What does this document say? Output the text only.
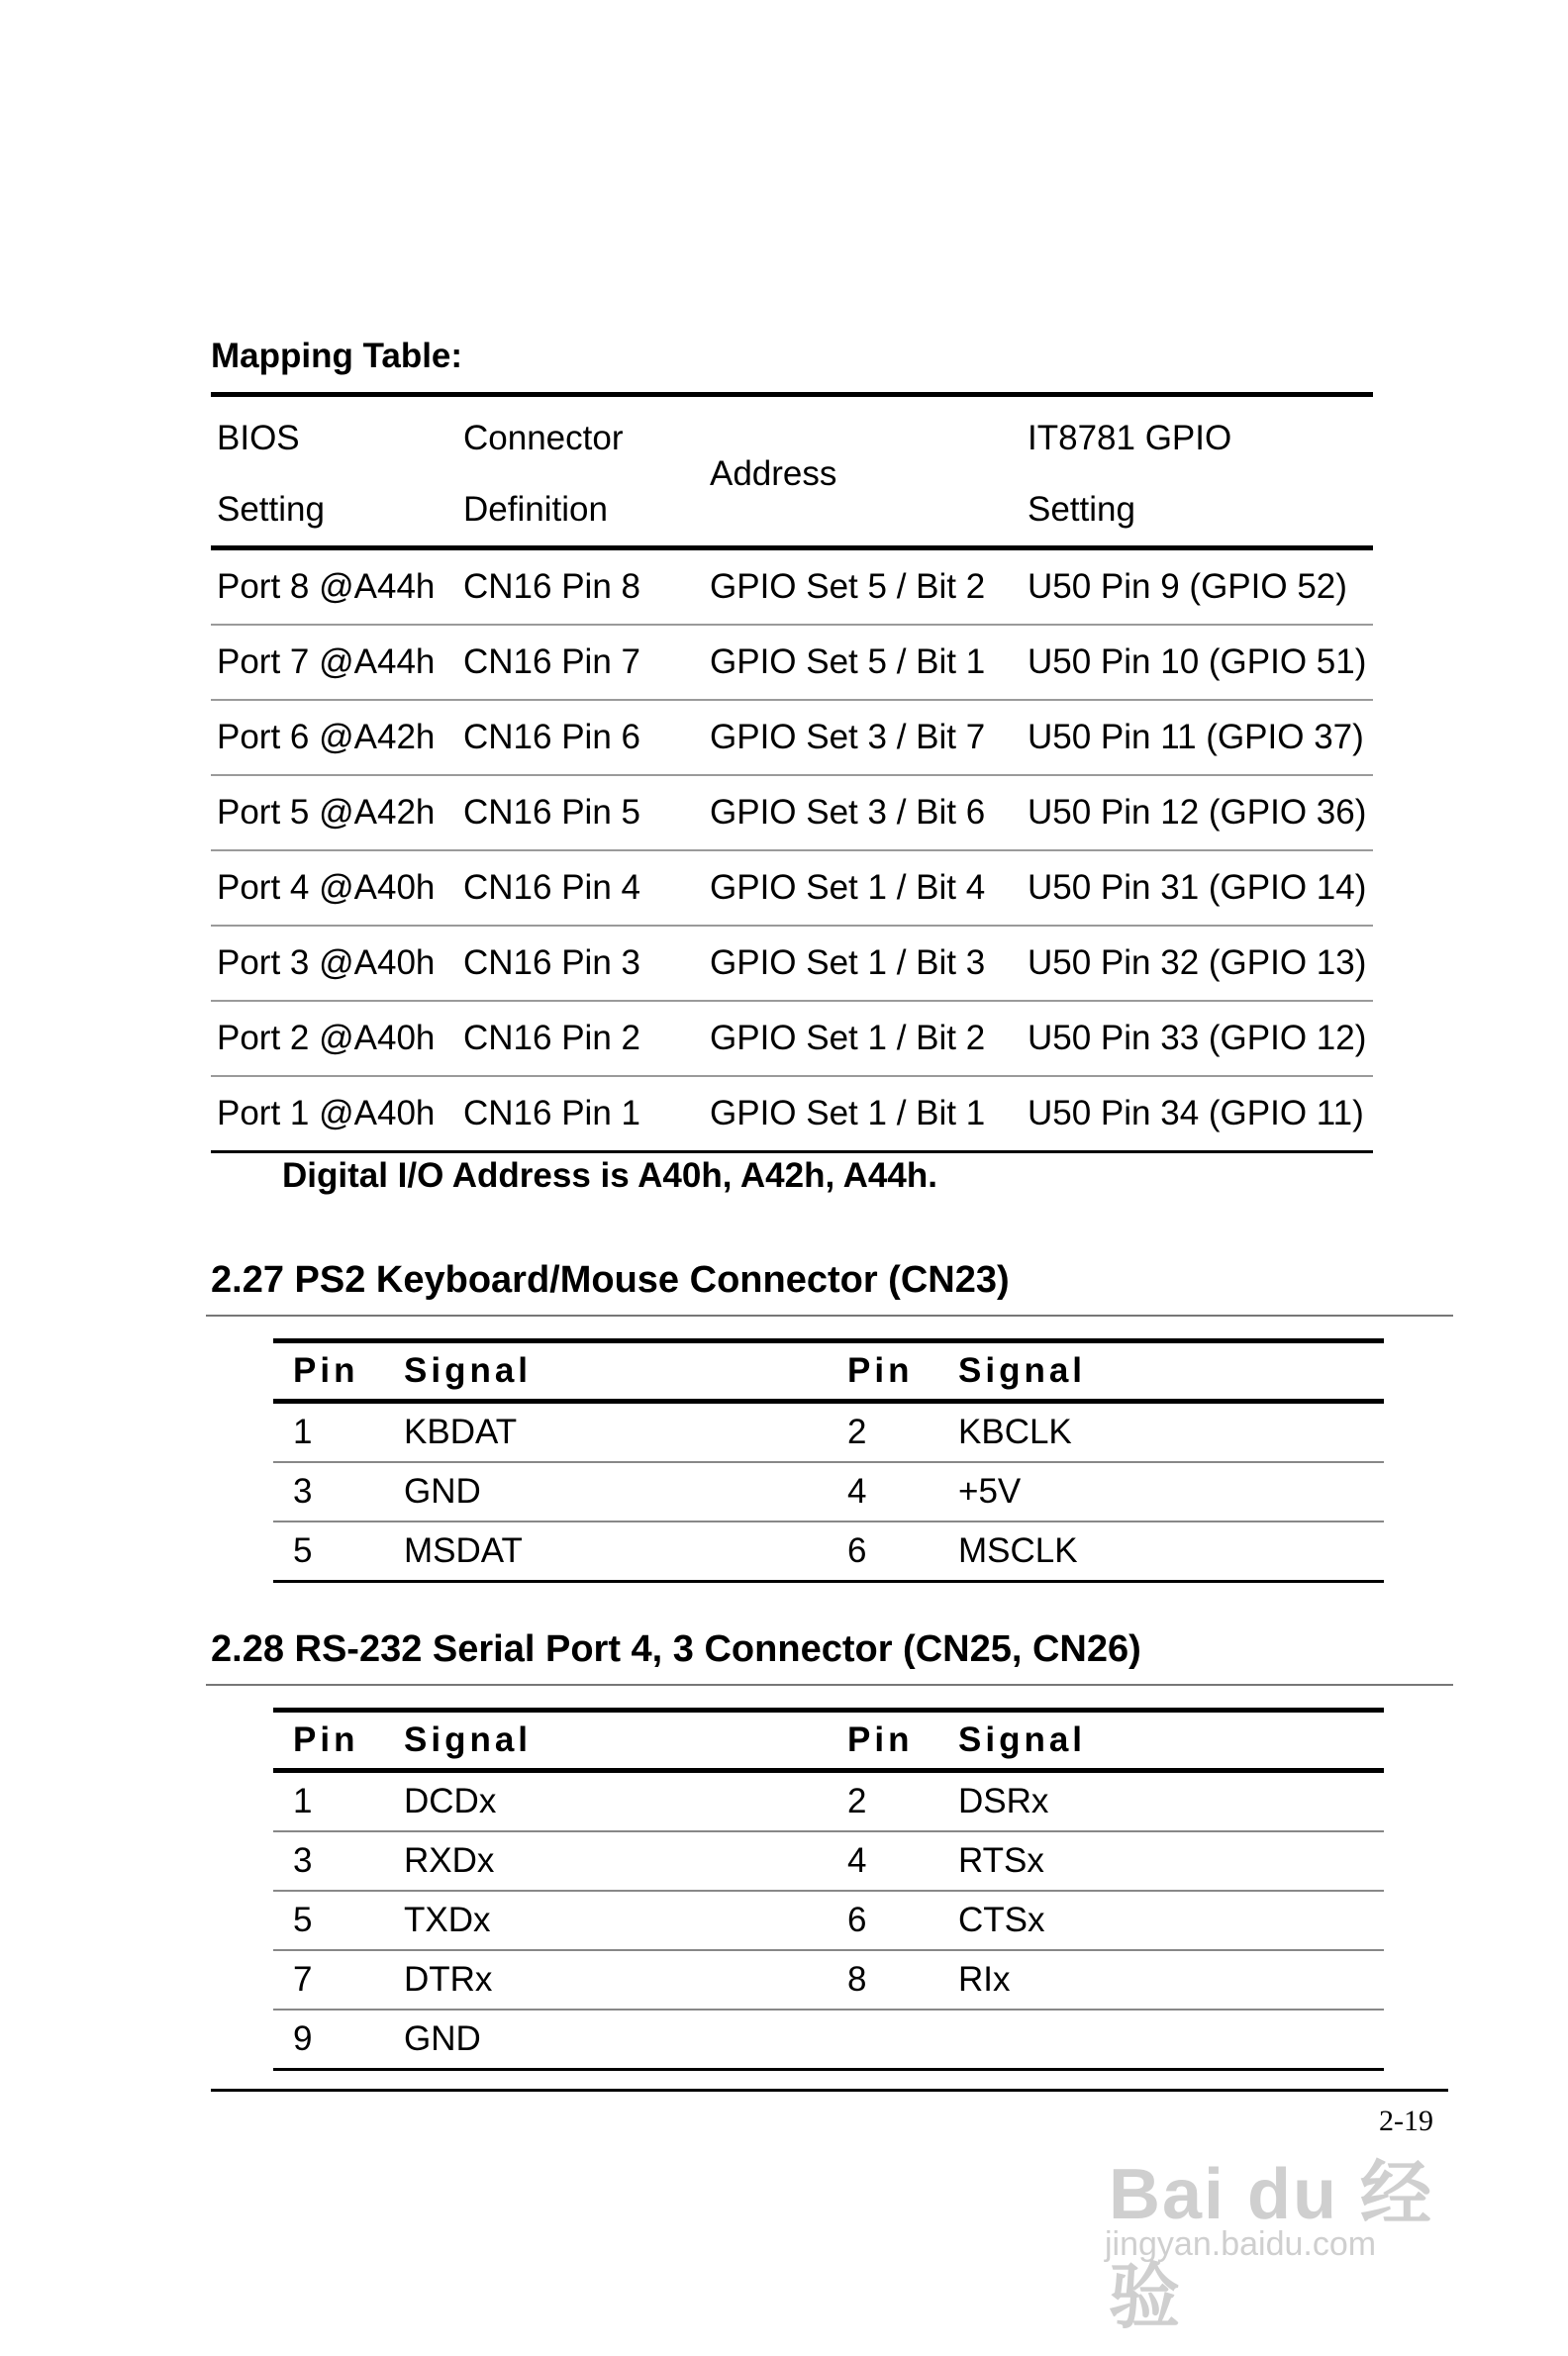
Mapping Table:
BIOS	Connector	Address	IT8781 GPIO
Setting	Definition		Setting
Port 8 @A44h	CN16 Pin 8	GPIO Set 5 / Bit 2	U50 Pin 9 (GPIO 52)
Port 7 @A44h	CN16 Pin 7	GPIO Set 5 / Bit 1	U50 Pin 10 (GPIO 51)
Port 6 @A42h	CN16 Pin 6	GPIO Set 3 / Bit 7	U50 Pin 11 (GPIO 37)
Port 5 @A42h	CN16 Pin 5	GPIO Set 3 / Bit 6	U50 Pin 12 (GPIO 36)
Port 4 @A40h	CN16 Pin 4	GPIO Set 1 / Bit 4	U50 Pin 31 (GPIO 14)
Port 3 @A40h	CN16 Pin 3	GPIO Set 1 / Bit 3	U50 Pin 32 (GPIO 13)
Port 2 @A40h	CN16 Pin 2	GPIO Set 1 / Bit 2	U50 Pin 33 (GPIO 12)
Port 1 @A40h	CN16 Pin 1	GPIO Set 1 / Bit 1	U50 Pin 34 (GPIO 11)
Digital I/O Address is A40h, A42h, A44h.
2.27 PS2 Keyboard/Mouse Connector (CN23)
Pin	Signal	Pin	Signal
1	KBDAT	2	KBCLK
3	GND	4	+5V
5	MSDAT	6	MSCLK
2.28 RS-232 Serial Port 4, 3 Connector (CN25, CN26)
Pin	Signal	Pin	Signal
1	DCDx	2	DSRx
3	RXDx	4	RTSx
5	TXDx	6	CTSx
7	DTRx	8	RIx
9	GND		
Bai du 经验
jingyan.baidu.com
2-19
